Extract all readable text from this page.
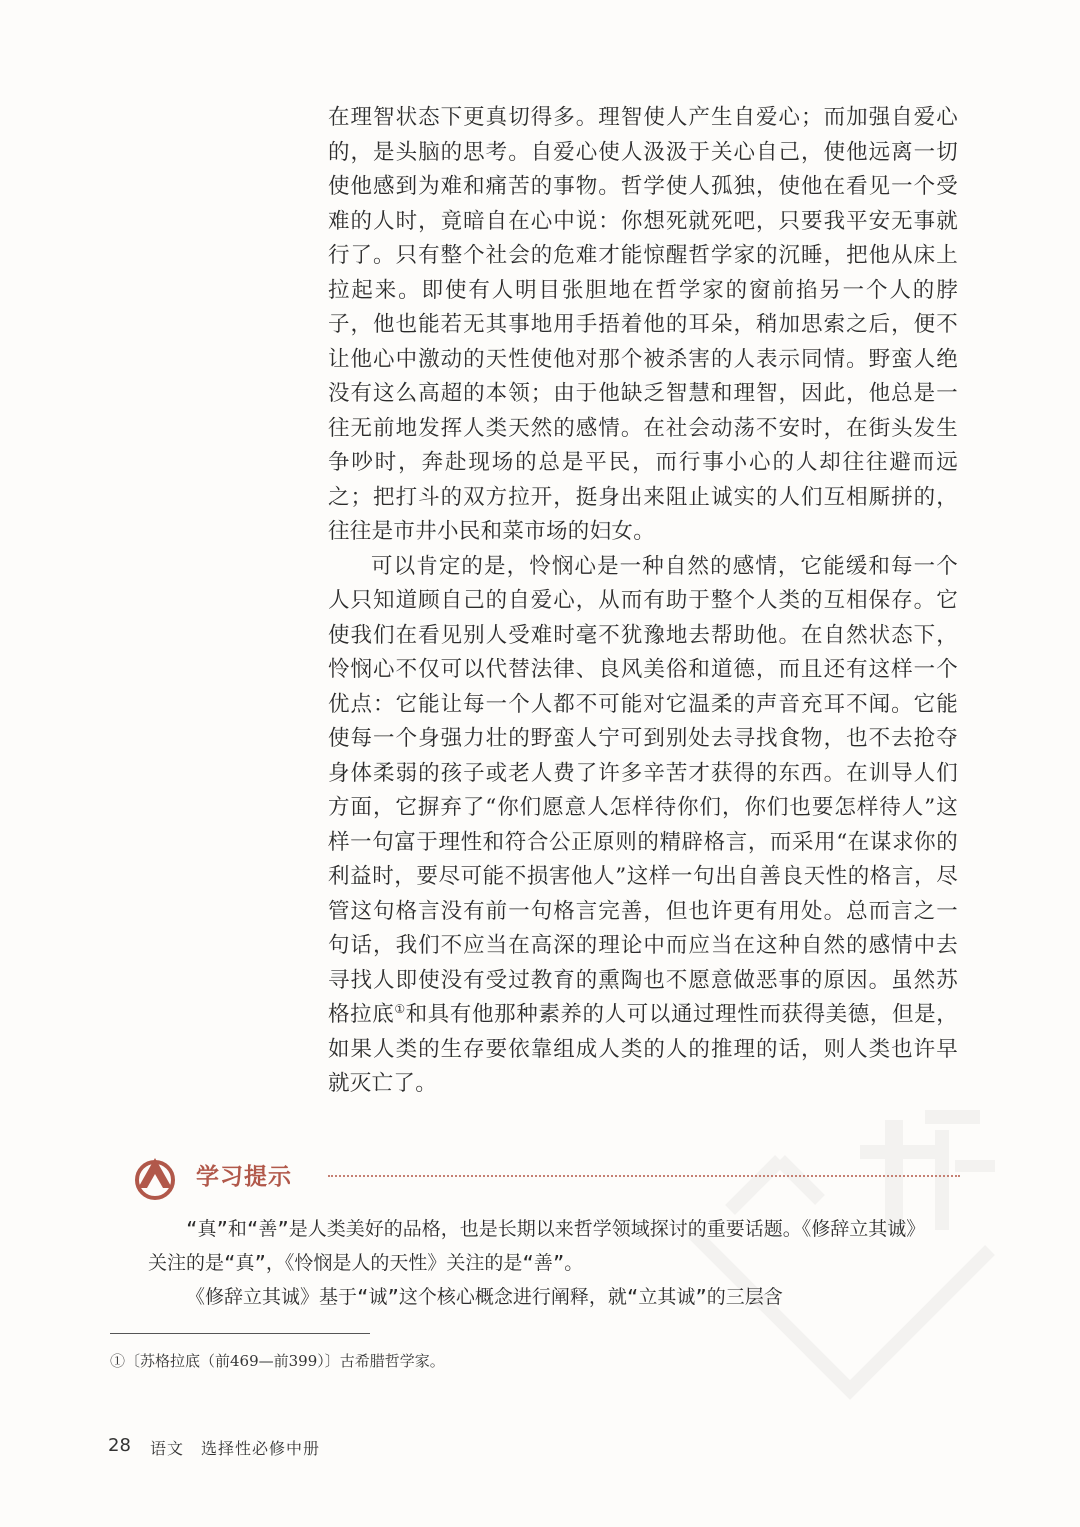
在理智状态下更真切得多。理智使人产生自爱心；而加强自爱心的，是头脑的思考。自爱心使人汲汲于关心自己，使他远离一切使他感到为难和痛苦的事物。哲学使人孤独，使他在看见一个受难的人时，竟暗自在心中说：你想死就死吧，只要我平安无事就行了。只有整个社会的危难才能惊醒哲学家的沉睡，把他从床上拉起来。即使有人明目张胆地在哲学家的窗前掐另一个人的脖子，他也能若无其事地用手捂着他的耳朵，稍加思索之后，便不让他心中激动的天性使他对那个被杀害的人表示同情。野蛮人绝没有这么高超的本领；由于他缺乏智慧和理智，因此，他总是一往无前地发挥人类天然的感情。在社会动荡不安时，在街头发生争吵时，奔赴现场的总是平民，而行事小心的人却往往避而远之；把打斗的双方拉开，挺身出来阻止诚实的人们互相厮拼的，往往是市井小民和菜市场的妇女。

可以肯定的是，怜悯心是一种自然的感情，它能缓和每一个人只知道顾自己的自爱心，从而有助于整个人类的互相保存。它使我们在看见别人受难时毫不犹豫地去帮助他。在自然状态下，怜悯心不仅可以代替法律、良风美俗和道德，而且还有这样一个优点：它能让每一个人都不可能对它温柔的声音充耳不闻。它能使每一个身强力壮的野蛮人宁可到别处去寻找食物，也不去抢夺身体柔弱的孩子或老人费了许多辛苦才获得的东西。在训导人们方面，它摒弃了“你们愿意人怎样待你们，你们也要怎样待人”这样一句富于理性和符合公正原则的精辟格言，而采用“在谋求你的利益时，要尽可能不损害他人”这样一句出自善良天性的格言，尽管这句格言没有前一句格言完善，但也许更有用处。总而言之一句话，我们不应当在高深的理论中而应当在这种自然的感情中去寻找人即使没有受过教育的熏陶也不愿意做恶事的原因。虽然苏格拉底①和具有他那种素养的人可以通过理性而获得美德，但是，如果人类的生存要依靠组成人类的人的推理的话，则人类也许早就灭亡了。

学习提示

“真”和“善”是人类美好的品格，也是长期以来哲学领域探讨的重要话题。《修辞立其诚》关注的是“真”，《怜悯是人的天性》关注的是“善”。

《修辞立其诚》基于“诚”这个核心概念进行阐释，就“立其诚”的三层含

①〔苏格拉底（前469—前399）〕古希腊哲学家。
28 语文　选择性必修中册
